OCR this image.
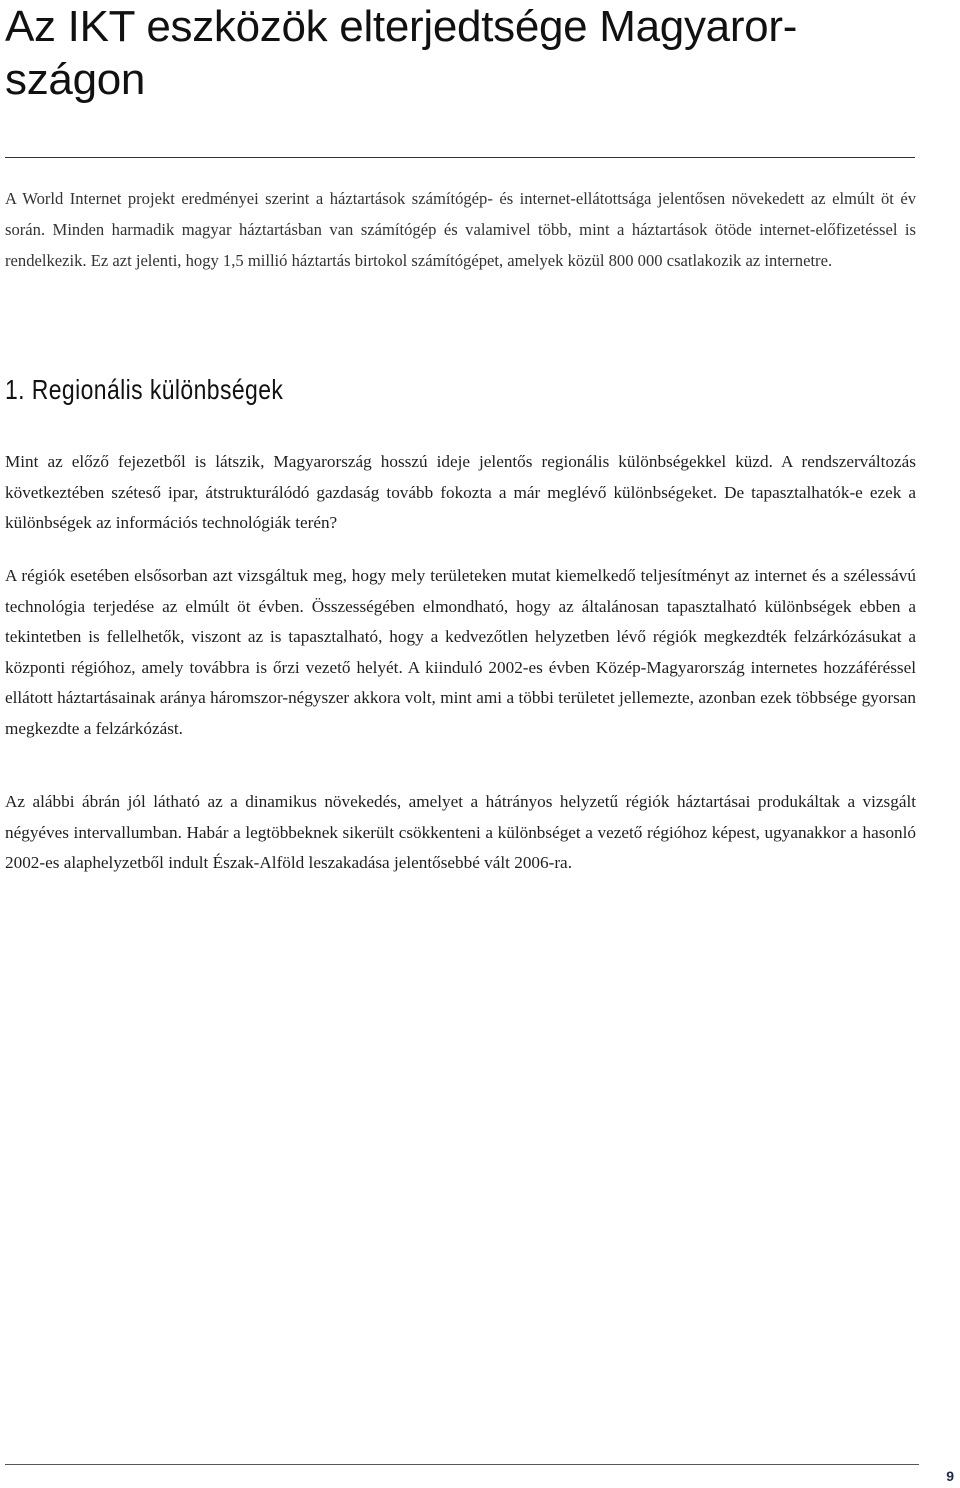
Az IKT eszközök elterjedtsége Magyarországon

A World Internet projekt eredményei szerint a háztartások számítógép- és internet-ellátottsága jelentősen növekedett az elmúlt öt év során. Minden harmadik magyar háztartásban van számítógép és valamivel több, mint a háztartások ötöde internet-előfizetéssel is rendelkezik. Ez azt jelenti, hogy 1,5 millió háztartás birtokol számítógépet, amelyek közül 800 000 csatlakozik az internetre.

1. Regionális különbségek

Mint az előző fejezetből is látszik, Magyarország hosszú ideje jelentős regionális különbségekkel küzd. A rendszerváltozás következtében széteső ipar, átstrukturálódó gazdaság tovább fokozta a már meglévő különbségeket. De tapasztalhatók-e ezek a különbségek az információs technológiák terén?

A régiók esetében elsősorban azt vizsgáltuk meg, hogy mely területeken mutat kiemelkedő teljesítményt az internet és a szélessávú technológia terjedése az elmúlt öt évben. Összességében elmondható, hogy az általánosan tapasztalható különbségek ebben a tekintetben is fellelhetők, viszont az is tapasztalható, hogy a kedvezőtlen helyzetben lévő régiók megkezdték felzárkózásukat a központi régióhoz, amely továbbra is őrzi vezető helyét. A kiinduló 2002-es évben Közép-Magyarország internetes hozzáféréssel ellátott háztartásainak aránya háromszor-négyszer akkora volt, mint ami a többi területet jellemezte, azonban ezek többsége gyorsan megkezdte a felzárkózást.

Az alábbi ábrán jól látható az a dinamikus növekedés, amelyet a hátrányos helyzetű régiók háztartásai produkáltak a vizsgált négyéves intervallumban. Habár a legtöbbeknek sikerült csökkenteni a különbséget a vezető régióhoz képest, ugyanakkor a hasonló 2002-es alaphelyzetből indult Észak-Alföld leszakadása jelentősebbé vált 2006-ra.

9
